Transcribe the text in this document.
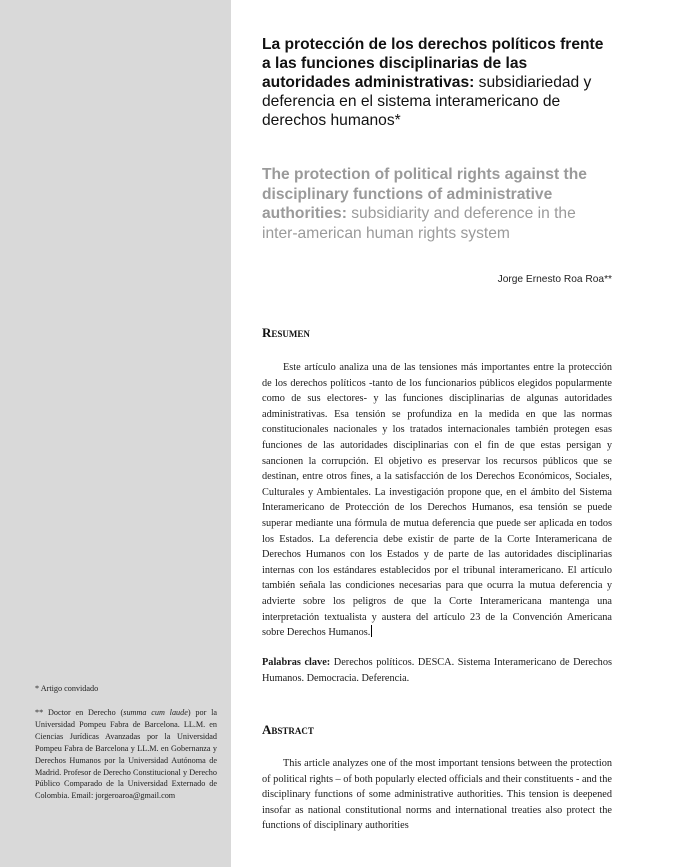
* Artigo convidado
** Doctor en Derecho (summa cum laude) por la Universidad Pompeu Fabra de Barcelona. LL.M. en Ciencias Jurídicas Avanzadas por la Universidad Pompeu Fabra de Barcelona y LL.M. en Gobernanza y Derechos Humanos por la Universidad Autónoma de Madrid. Profesor de Derecho Constitucional y Derecho Público Comparado de la Universidad Externado de Colombia. Email: jorgeroaroa@gmail.com
La protección de los derechos políticos frente a las funciones disciplinarias de las autoridades administrativas: subsidiariedad y deferencia en el sistema interamericano de derechos humanos*
The protection of political rights against the disciplinary functions of administrative authorities: subsidiarity and deference in the inter-american human rights system
Jorge Ernesto Roa Roa**
Resumen

Este artículo analiza una de las tensiones más importantes entre la protección de los derechos políticos -tanto de los funcionarios públicos elegidos popularmente como de sus electores- y las funciones disciplinarias de algunas autoridades administrativas. Esa tensión se profundiza en la medida en que las normas constitucionales nacionales y los tratados internacionales también protegen esas funciones de las autoridades disciplinarias con el fin de que estas persigan y sancionen la corrupción. El objetivo es preservar los recursos públicos que se destinan, entre otros fines, a la satisfacción de los Derechos Económicos, Sociales, Culturales y Ambientales. La investigación propone que, en el ámbito del Sistema Interamericano de Protección de los Derechos Humanos, esa tensión se puede superar mediante una fórmula de mutua deferencia que puede ser aplicada en todos los Estados. La deferencia debe existir de parte de la Corte Interamericana de Derechos Humanos con los Estados y de parte de las autoridades disciplinarias internas con los estándares establecidos por el tribunal interamericano. El artículo también señala las condiciones necesarias para que ocurra la mutua deferencia y advierte sobre los peligros de que la Corte Interamericana mantenga una interpretación textualista y austera del artículo 23 de la Convención Americana sobre Derechos Humanos.

Palabras clave: Derechos políticos. DESCA. Sistema Interamericano de Derechos Humanos. Democracia. Deferencia.

Abstract

This article analyzes one of the most important tensions between the protection of political rights – of both popularly elected officials and their constituents - and the disciplinary functions of some administrative authorities. This tension is deepened insofar as national constitutional norms and international treaties also protect the functions of disciplinary authorities
